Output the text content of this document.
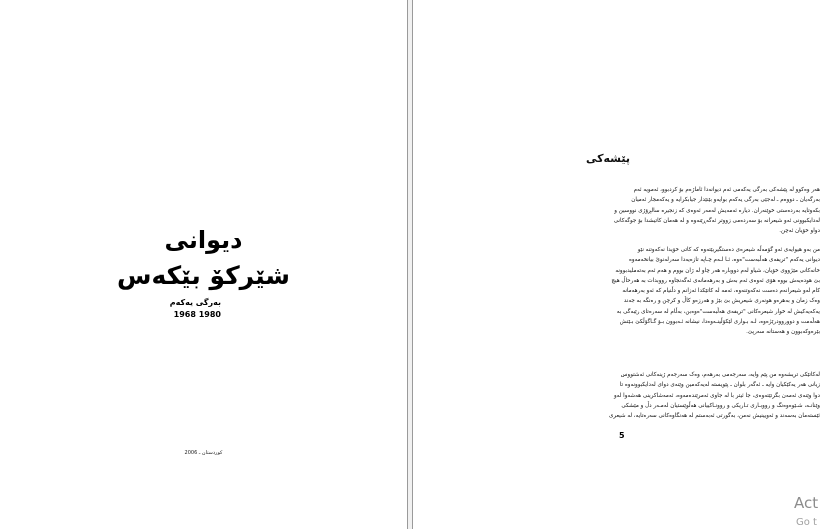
دیوانی
شێرکۆ بێکەس
بەرگی یەکەم
1968 1980
کوردستان ـ 2006
پێشەکی
هەر وەکوو لە پێشەکی بەرگی یەکەمی ئەم دیوانەدا ئاماژەم بۆ کردبوو، ئەمویە ئەم
بەرگەیان ـ دووەم ـ لەجێی بەرگی یەکەم بوایەو بێنێدار جیابکرایە و یەکەمجار ئەمیان
بکەوتایە بەردەستی خوێنەران. دیارە ئەمەیش لەمەر ئەوەی کە زنجیرە سالڕۆژی نووسین و
لەدایکبوونی ئەو شیعرانە بۆ سەردەمی زووتر ئەگەڕێنەوە و لە هەمان کاتیشدا بۆ جوگەکانی
دواو خۆیان ئەچن.
من بەو هیوایەی ئەو گۆمەڵە شیعرەی دەستگیربێتەوە کە کاتی خۆیدا نەکەوتنە نێو
دیوانی یەکەم "تریفەی هەڵبەست"ەوە، ئـا لـەم چـاپە تازەیەدا سەرلەنوێ بیانخەمەوە
خانەکانی مێژووی خۆیان، شیاو لەم دووبارە هەر چاو لە ژان بووم و هەم ئەم بەتەملیدبوونە
بێ هودەیەش بووە هۆی ئەوەی ئەم بەش و بەرهەمانەی ئەگەنجاوە رووبدات بە هەرحاڵ هیچ
کام لەو شیعرانەم دەست نەکەوتنەوە، ئەمە لە کاتێکدا ئەزانم و دڵنیام کە ئەو بەرهەمانە
وەک زمان و بەهرەو هونەری شیعریش بێ بێژ و هەرزەو کاڵ و کرچن و رەنگە بە جەند
یەکەیەکیش لە خوار شیعرەکانی "تریفەی هەڵبەست"ەوەبن، بەڵام لە سەرەتای رێبەگی بە
هەڵەمت و دووروودرێژەوە، لـە بـواری لێکۆڵینـەوەدا، نیشانە ئـەبوون بـۆ گـاگۆڵکێ بـێتش
بێرەوکەبوون و هەستانە سەرپێ.
لەکاتێکی تریشەوە من پێم وایە، سەرجەمی بەرهەم، وەک سەرجەم ژینەکانی ئەشتووس
زیانی هەر یەکێکیان وایە ـ ئەگەر بلوان ـ پێویستە لەیەکەمین وێنەی دوای لەدایکبوونەوە تا
دوا وێنەی ئەمەن بگرتێتەوەی، جا ئیتر با لە جاوی ئەمرێندەمەوە، ئەمەشاکرینی هەشەوا لەو
وێنانـە، شـێوەوەنگ و رووبـاری تـاریکی و روونـاکییانی هەڵوێستیان لەمـەر دڵ و مێشکی
ئێستەمان بەسەند و ئەویینیش نەمن، بەگورتی ئەبەستم لە هەنگاوەکانی سەرەتایە، لە شیعری
5
Act
Go t
